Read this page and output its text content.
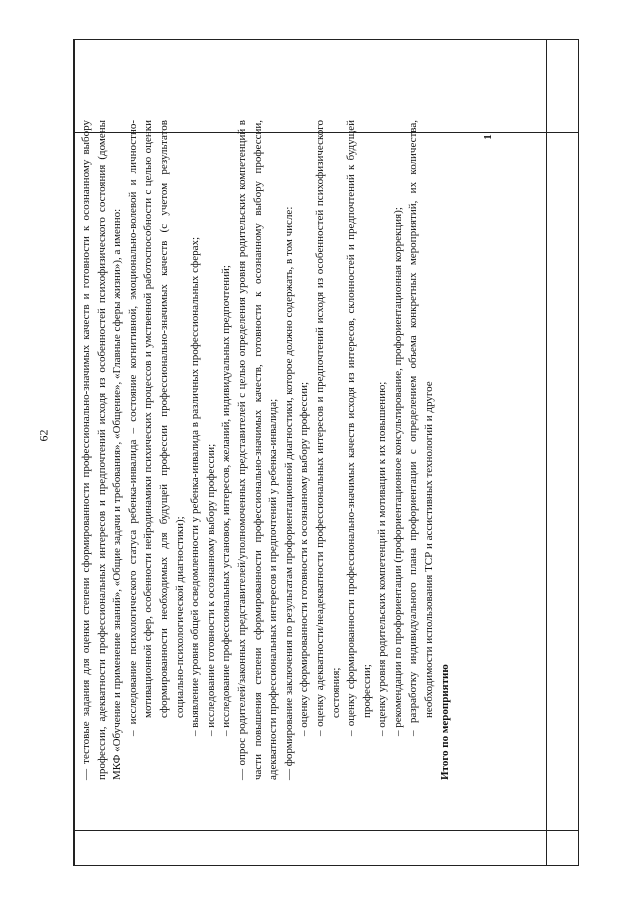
62
1

— тестовые задания для оценки степени сформированности профессионально-значимых качеств и готовности к осознанному выбору профессии, адекватности профессиональных интересов и предпочтений исходя из особенностей психофизического состояния (домены МКФ «Обучение и применение знаний», «Общие задачи и требования», «Общение», «Главные сферы жизни»), а именно: – исследование психологического статуса ребенка-инвалида – состояние когнитивной, эмоционально-волевой и личностно-мотивационной сфер, особенности нейродинамики психических процессов и умственной работоспособности с целью оценки сформированности необходимых для будущей профессии профессионально-значимых качеств (с учетом результатов социально-психологической диагностики); – выявление уровня общей осведомленности у ребенка-инвалида в различных профессиональных сферах; – исследование готовности к осознанному выбору профессии; – исследование профессиональных установок, интересов, желаний, индивидуальных предпочтений; — опрос родителей/законных представителей/уполномоченных представителей с целью определения уровня родительских компетенций в части повышения степени сформированности профессионально-значимых качеств, готовности к осознанному выбору профессии, адекватности профессиональных интересов и предпочтений у ребенка-инвалида; — формирование заключения по результатам профориентационной диагностики, которое должно содержать, в том числе: – оценку сформированности готовности к осознанному выбору профессии; – оценку адекватности/неадекватности профессиональных интересов и предпочтений исходя из особенностей психофизического состояния; – оценку сформированности профессионально-значимых качеств исходя из интересов, склонностей и предпочтений к будущей профессии; – оценку уровня родительских компетенций и мотивации к их повышению; – рекомендации по профориентации (профориентационное консультирование, профориентационная коррекция); – разработку индивидуального плана профориентации с определением объема конкретных мероприятий, их количества, необходимости использования ТСР и ассистивных технологий и другое

Итого по мероприятию
